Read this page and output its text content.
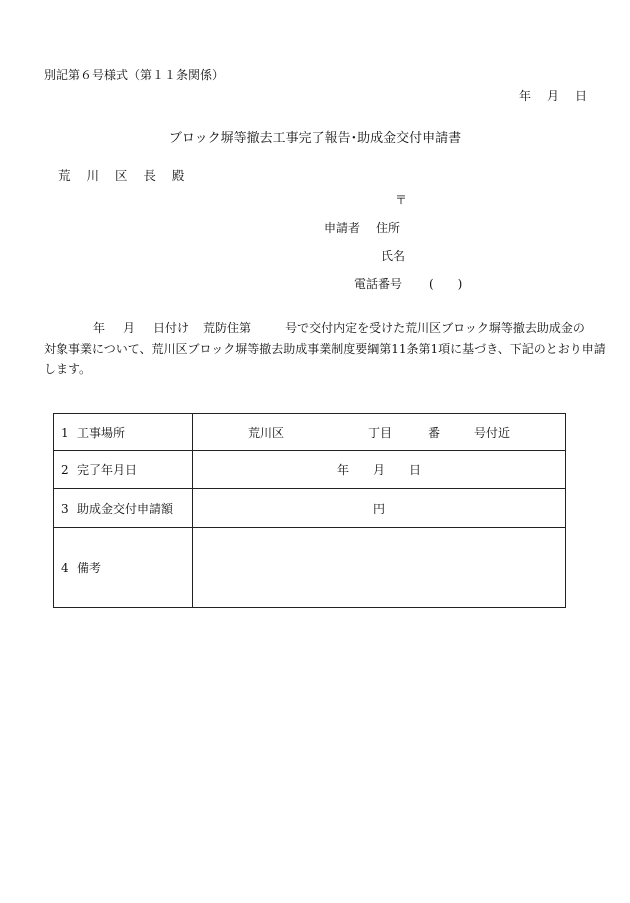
別記第６号様式（第１１条関係）
年 月 日
ブロック塀等撤去工事完了報告･助成金交付申請書
荒 川 区 長 殿
〒
申請者 住所
氏名
電話番号 (　　)
年 月 日付け 荒防住第	号で交付内定を受けた荒川区ブロック塀等撤去助成金の
対象事業について、荒川区ブロック塀等撤去助成事業制度要綱第11条第1項に基づき、下記のとおり申請
します。
1 工事場所	荒川区 丁目 番 号付近
2 完了年月日	年 月 日
3 助成金交付申請額	円
4 備考	
